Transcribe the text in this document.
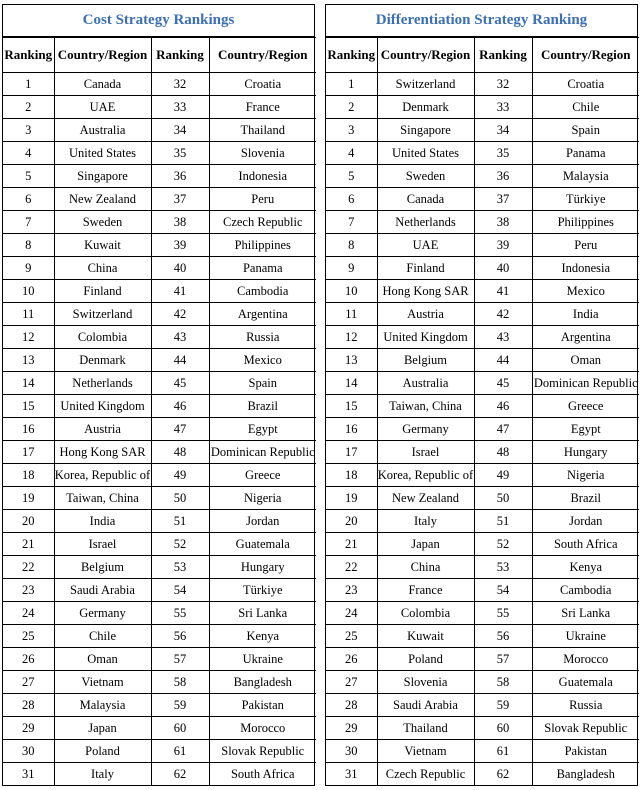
Cost Strategy Rankings
Ranking	Country/Region	Ranking	Country/Region
1	Canada	32	Croatia
2	UAE	33	France
3	Australia	34	Thailand
4	United States	35	Slovenia
5	Singapore	36	Indonesia
6	New Zealand	37	Peru
7	Sweden	38	Czech Republic
8	Kuwait	39	Philippines
9	China	40	Panama
10	Finland	41	Cambodia
11	Switzerland	42	Argentina
12	Colombia	43	Russia
13	Denmark	44	Mexico
14	Netherlands	45	Spain
15	United Kingdom	46	Brazil
16	Austria	47	Egypt
17	Hong Kong SAR	48	Dominican Republic
18	Korea, Republic of	49	Greece
19	Taiwan, China	50	Nigeria
20	India	51	Jordan
21	Israel	52	Guatemala
22	Belgium	53	Hungary
23	Saudi Arabia	54	Türkiye
24	Germany	55	Sri Lanka
25	Chile	56	Kenya
26	Oman	57	Ukraine
27	Vietnam	58	Bangladesh
28	Malaysia	59	Pakistan
29	Japan	60	Morocco
30	Poland	61	Slovak Republic
31	Italy	62	South Africa
Differentiation Strategy Ranking
Ranking	Country/Region	Ranking	Country/Region
1	Switzerland	32	Croatia
2	Denmark	33	Chile
3	Singapore	34	Spain
4	United States	35	Panama
5	Sweden	36	Malaysia
6	Canada	37	Türkiye
7	Netherlands	38	Philippines
8	UAE	39	Peru
9	Finland	40	Indonesia
10	Hong Kong SAR	41	Mexico
11	Austria	42	India
12	United Kingdom	43	Argentina
13	Belgium	44	Oman
14	Australia	45	Dominican Republic
15	Taiwan, China	46	Greece
16	Germany	47	Egypt
17	Israel	48	Hungary
18	Korea, Republic of	49	Nigeria
19	New Zealand	50	Brazil
20	Italy	51	Jordan
21	Japan	52	South Africa
22	China	53	Kenya
23	France	54	Cambodia
24	Colombia	55	Sri Lanka
25	Kuwait	56	Ukraine
26	Poland	57	Morocco
27	Slovenia	58	Guatemala
28	Saudi Arabia	59	Russia
29	Thailand	60	Slovak Republic
30	Vietnam	61	Pakistan
31	Czech Republic	62	Bangladesh
